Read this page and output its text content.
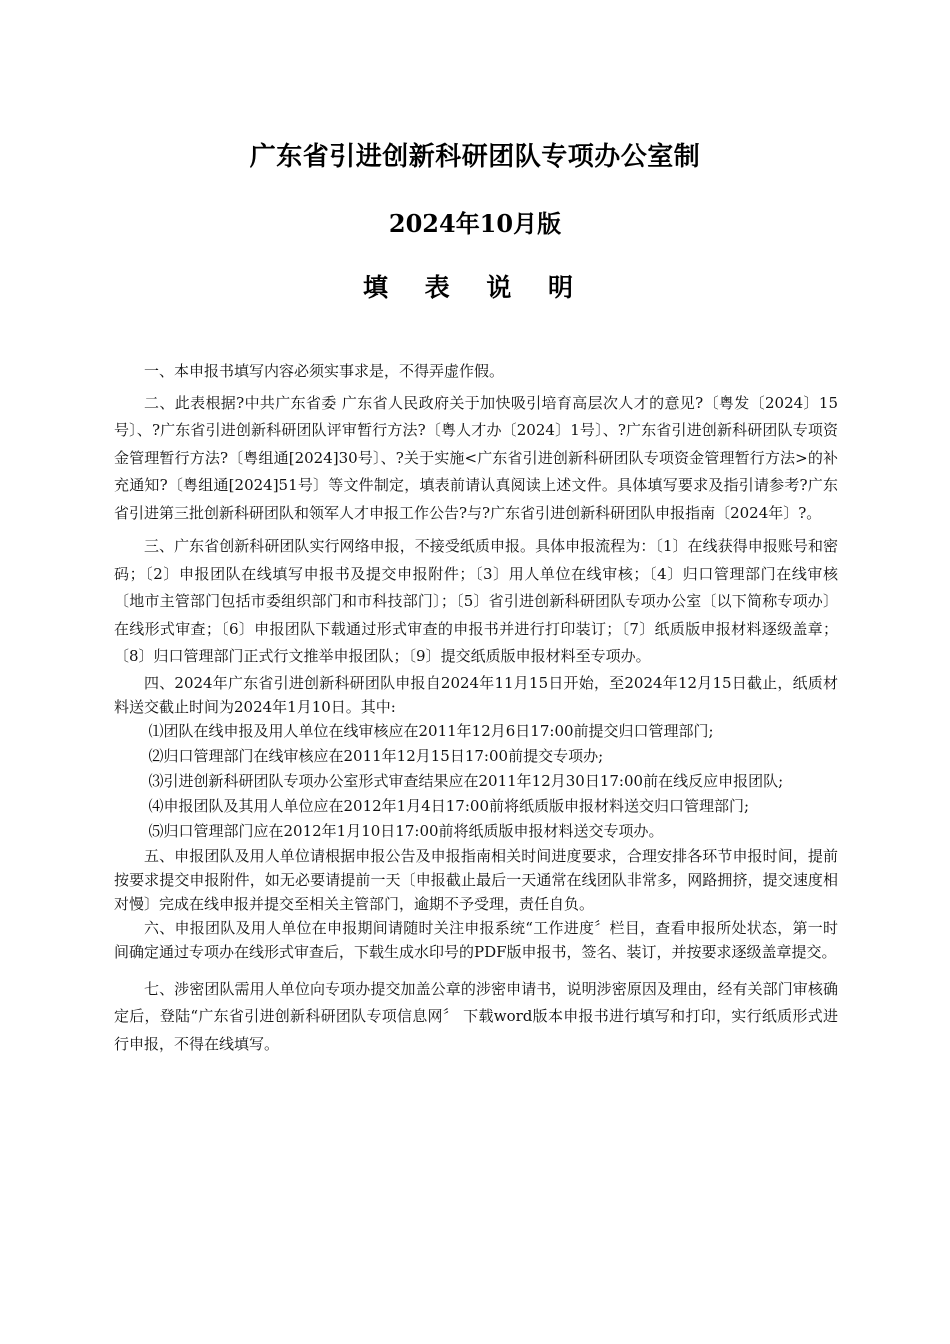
广东省引进创新科研团队专项办公室制
2024年10月版
填 表 说 明

一、本申报书填写内容必须实事求是，不得弄虚作假。

二、此表根据?中共广东省委 广东省人民政府关于加快吸引培育高层次人才的意见?〔粤发〔2024〕15号〕、?广东省引进创新科研团队评审暂行方法?〔粤人才办〔2024〕1号〕、?广东省引进创新科研团队专项资金管理暂行方法?〔粤组通[2024]30号〕、?关于实施<广东省引进创新科研团队专项资金管理暂行方法>的补充通知?〔粤组通[2024]51号〕等文件制定，填表前请认真阅读上述文件。具体填写要求及指引请参考?广东省引进第三批创新科研团队和领军人才申报工作公告?与?广东省引进创新科研团队申报指南〔2024年〕?。

三、广东省创新科研团队实行网络申报，不接受纸质申报。具体申报流程为：〔1〕在线获得申报账号和密码；〔2〕申报团队在线填写申报书及提交申报附件；〔3〕用人单位在线审核；〔4〕归口管理部门在线审核〔地市主管部门包括市委组织部门和市科技部门〕；〔5〕省引进创新科研团队专项办公室〔以下简称专项办〕在线形式审查；〔6〕申报团队下载通过形式审查的申报书并进行打印装订；〔7〕纸质版申报材料逐级盖章；〔8〕归口管理部门正式行文推举申报团队；〔9〕提交纸质版申报材料至专项办。

四、2024年广东省引进创新科研团队申报自2024年11月15日开始，至2024年12月15日截止，纸质材料送交截止时间为2024年1月10日。其中:

⑴团队在线申报及用人单位在线审核应在2011年12月6日17:00前提交归口管理部门;

⑵归口管理部门在线审核应在2011年12月15日17:00前提交专项办;

⑶引进创新科研团队专项办公室形式审查结果应在2011年12月30日17:00前在线反应申报团队;

⑷申报团队及其用人单位应在2012年1月4日17:00前将纸质版申报材料送交归口管理部门;

⑸归口管理部门应在2012年1月10日17:00前将纸质版申报材料送交专项办。

五、申报团队及用人单位请根据申报公告及申报指南相关时间进度要求，合理安排各环节申报时间，提前按要求提交申报附件，如无必要请提前一天〔申报截止最后一天通常在线团队非常多，网路拥挤，提交速度相对慢〕完成在线申报并提交至相关主管部门，逾期不予受理，责任自负。

六、申报团队及用人单位在申报期间请随时关注申报系统“工作进度〞栏目，查看申报所处状态，第一时间确定通过专项办在线形式审查后，下载生成水印号的PDF版申报书，签名、装订，并按要求逐级盖章提交。

七、涉密团队需用人单位向专项办提交加盖公章的涉密申请书，说明涉密原因及理由，经有关部门审核确定后，登陆“广东省引进创新科研团队专项信息网〞 下载word版本申报书进行填写和打印，实行纸质形式进行申报，不得在线填写。
